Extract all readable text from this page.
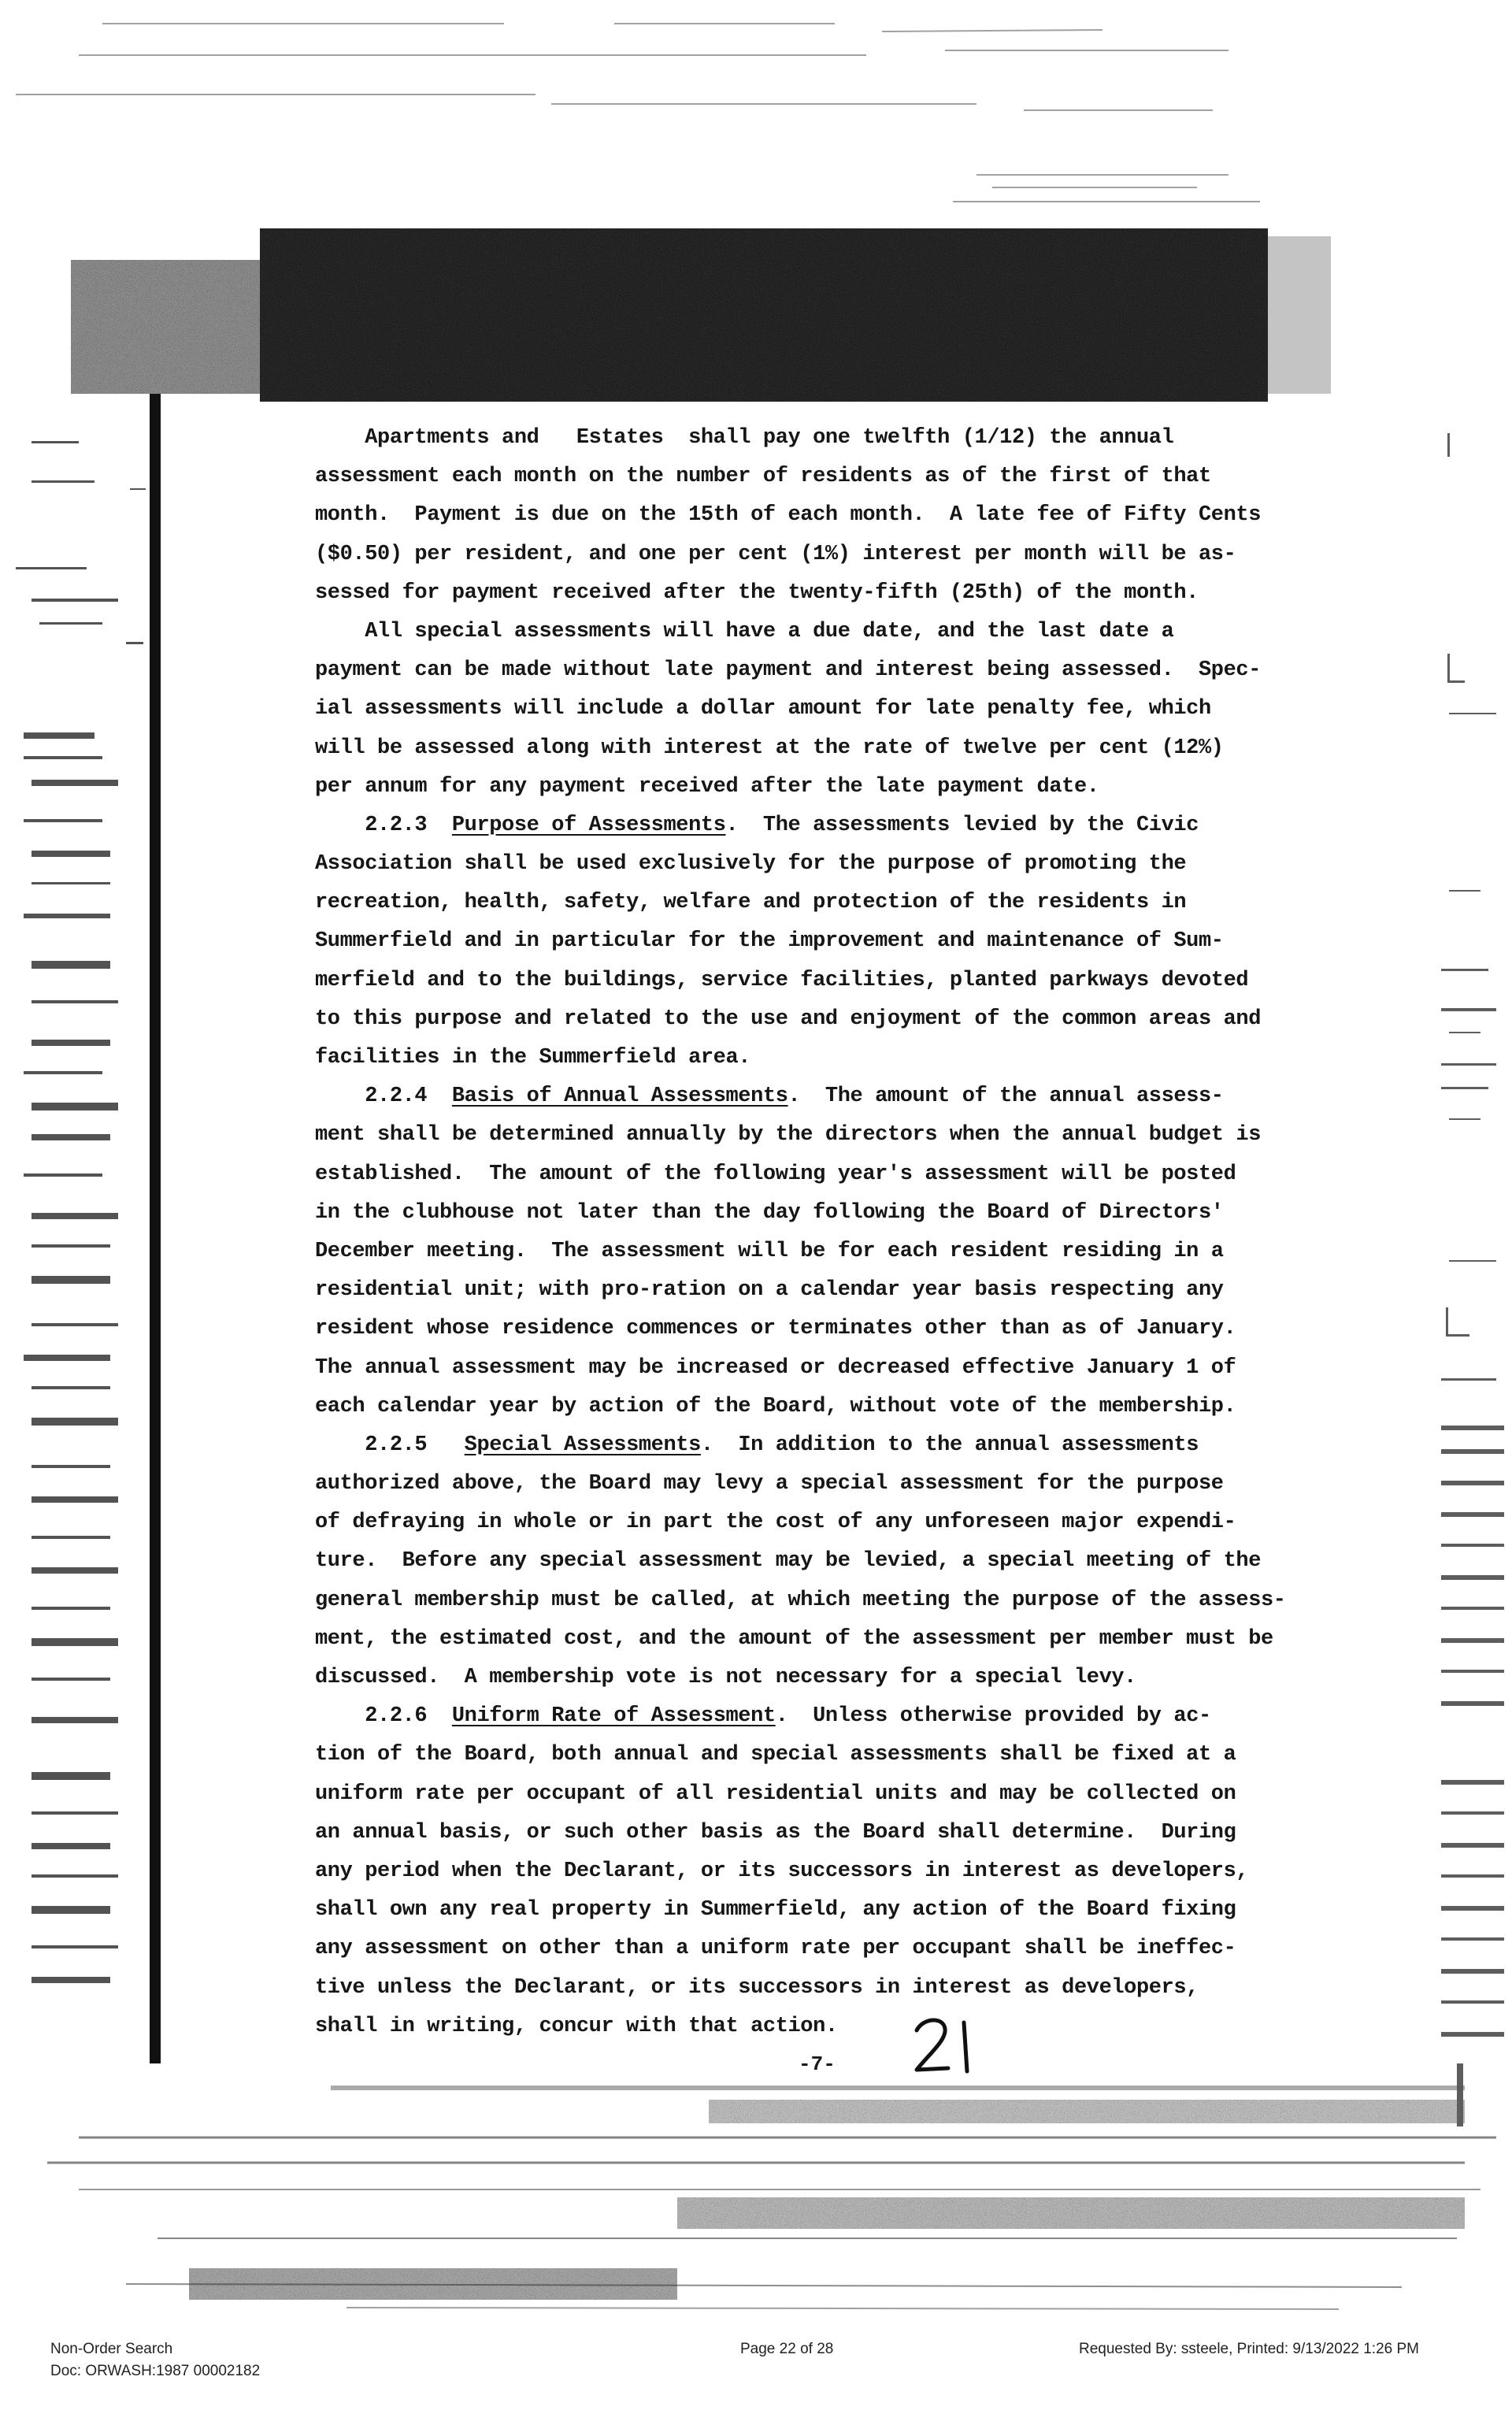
Apartments and   Estates  shall pay one twelfth (1/12) the annual
assessment each month on the number of residents as of the first of that
month.  Payment is due on the 15th of each month.  A late fee of Fifty Cents
($0.50) per resident, and one per cent (1%) interest per month will be as-
sessed for payment received after the twenty-fifth (25th) of the month.
All special assessments will have a due date, and the last date a
payment can be made without late payment and interest being assessed.  Spec-
ial assessments will include a dollar amount for late penalty fee, which
will be assessed along with interest at the rate of twelve per cent (12%)
per annum for any payment received after the late payment date.
2.2.3  Purpose of Assessments.  The assessments levied by the Civic
Association shall be used exclusively for the purpose of promoting the
recreation, health, safety, welfare and protection of the residents in
Summerfield and in particular for the improvement and maintenance of Sum-
merfield and to the buildings, service facilities, planted parkways devoted
to this purpose and related to the use and enjoyment of the common areas and
facilities in the Summerfield area.
2.2.4  Basis of Annual Assessments.  The amount of the annual assess-
ment shall be determined annually by the directors when the annual budget is
established.  The amount of the following year's assessment will be posted
in the clubhouse not later than the day following the Board of Directors'
December meeting.  The assessment will be for each resident residing in a
residential unit; with pro-ration on a calendar year basis respecting any
resident whose residence commences or terminates other than as of January.
The annual assessment may be increased or decreased effective January 1 of
each calendar year by action of the Board, without vote of the membership.
2.2.5   Special Assessments.  In addition to the annual assessments
authorized above, the Board may levy a special assessment for the purpose
of defraying in whole or in part the cost of any unforeseen major expendi-
ture.  Before any special assessment may be levied, a special meeting of the
general membership must be called, at which meeting the purpose of the assess-
ment, the estimated cost, and the amount of the assessment per member must be
discussed.  A membership vote is not necessary for a special levy.
2.2.6  Uniform Rate of Assessment.  Unless otherwise provided by ac-
tion of the Board, both annual and special assessments shall be fixed at a
uniform rate per occupant of all residential units and may be collected on
an annual basis, or such other basis as the Board shall determine.  During
any period when the Declarant, or its successors in interest as developers,
shall own any real property in Summerfield, any action of the Board fixing
any assessment on other than a uniform rate per occupant shall be ineffec-
tive unless the Declarant, or its successors in interest as developers,
shall in writing, concur with that action.
-7-
Non-Order Search
Doc: ORWASH:1987 00002182
Page 22 of 28	Requested By: ssteele, Printed: 9/13/2022 1:26 PM
